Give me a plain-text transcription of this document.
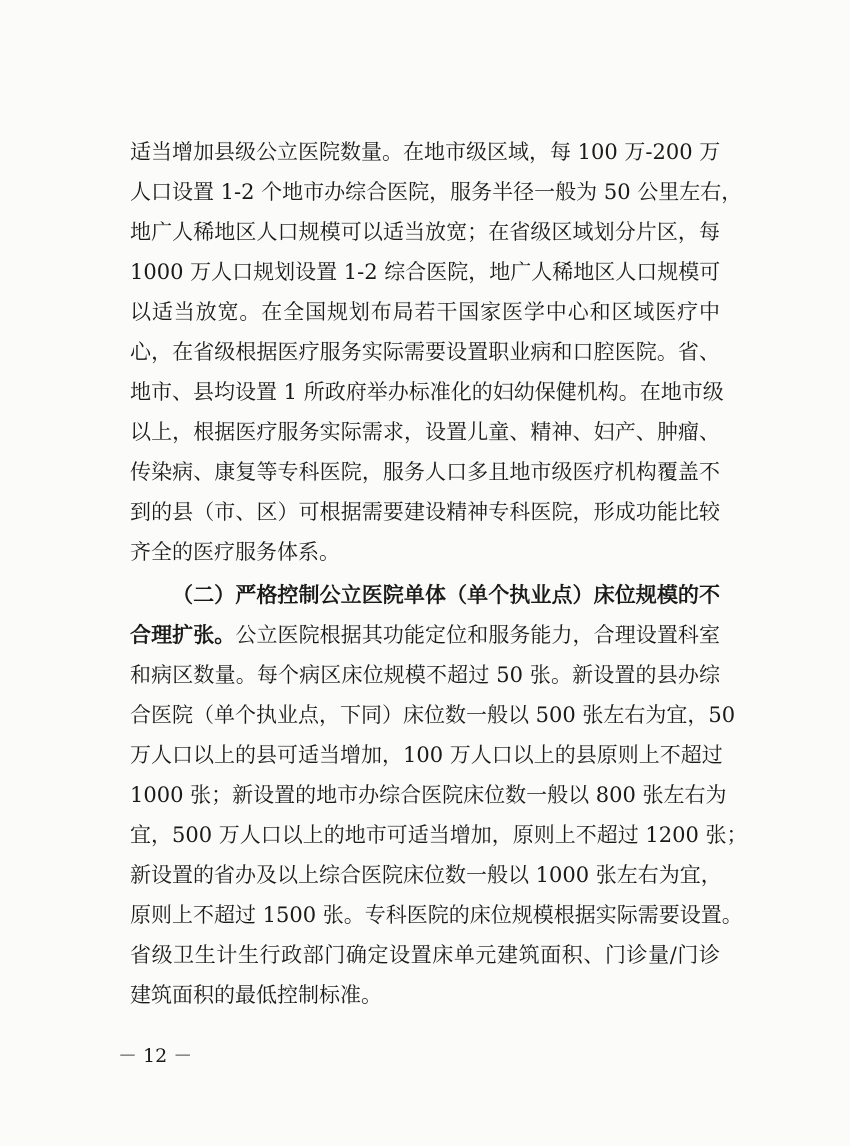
适当增加县级公立医院数量。在地市级区域，每 100 万-200 万
人口设置 1-2 个地市办综合医院，服务半径一般为 50 公里左右，
地广人稀地区人口规模可以适当放宽；在省级区域划分片区，每
1000 万人口规划设置 1-2 综合医院，地广人稀地区人口规模可
以适当放宽。在全国规划布局若干国家医学中心和区域医疗中
心，在省级根据医疗服务实际需要设置职业病和口腔医院。省、
地市、县均设置 1 所政府举办标准化的妇幼保健机构。在地市级
以上，根据医疗服务实际需求，设置儿童、精神、妇产、肿瘤、
传染病、康复等专科医院，服务人口多且地市级医疗机构覆盖不
到的县（市、区）可根据需要建设精神专科医院，形成功能比较
齐全的医疗服务体系。
（二）严格控制公立医院单体（单个执业点）床位规模的不
合理扩张。公立医院根据其功能定位和服务能力，合理设置科室
和病区数量。每个病区床位规模不超过 50 张。新设置的县办综
合医院（单个执业点，下同）床位数一般以 500 张左右为宜，50
万人口以上的县可适当增加，100 万人口以上的县原则上不超过
1000 张；新设置的地市办综合医院床位数一般以 800 张左右为
宜，500 万人口以上的地市可适当增加，原则上不超过 1200 张；
新设置的省办及以上综合医院床位数一般以 1000 张左右为宜，
原则上不超过 1500 张。专科医院的床位规模根据实际需要设置。
省级卫生计生行政部门确定设置床单元建筑面积、门诊量/门诊
建筑面积的最低控制标准。
－ 12 －
